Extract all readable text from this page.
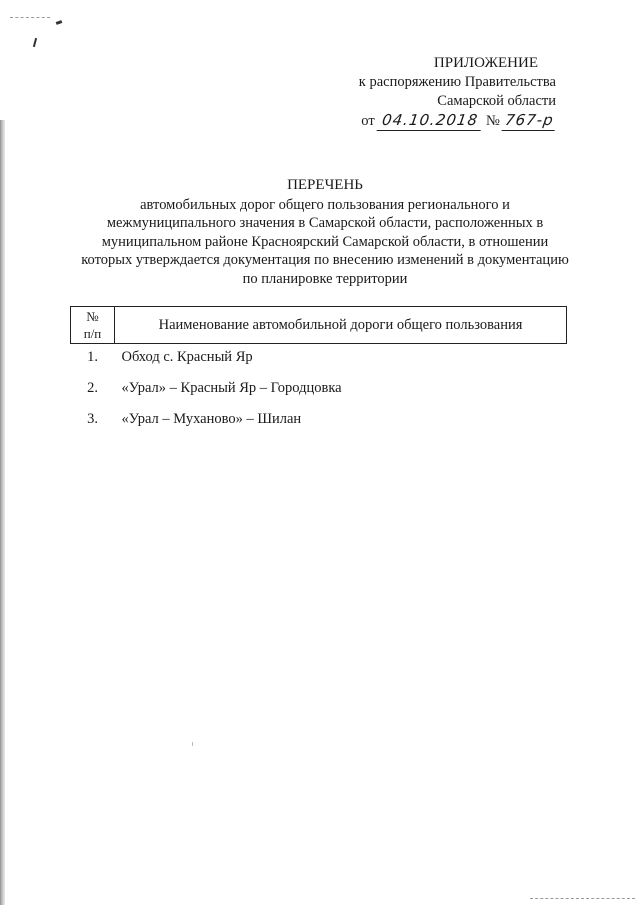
ПРИЛОЖЕНИЕ
к распоряжению Правительства
Самарской области
от 04.10.2018 № 767-р
ПЕРЕЧЕНЬ
автомобильных дорог общего пользования регионального и межмуниципального значения в Самарской области, расположенных в муниципальном районе Красноярский Самарской области, в отношении которых утверждается документация по внесению изменений в документацию по планировке территории
№
п/п	Наименование автомобильной дороги общего пользования
1.	Обход с. Красный Яр
2.	«Урал» – Красный Яр – Городцовка
3.	«Урал – Муханово» – Шилан
